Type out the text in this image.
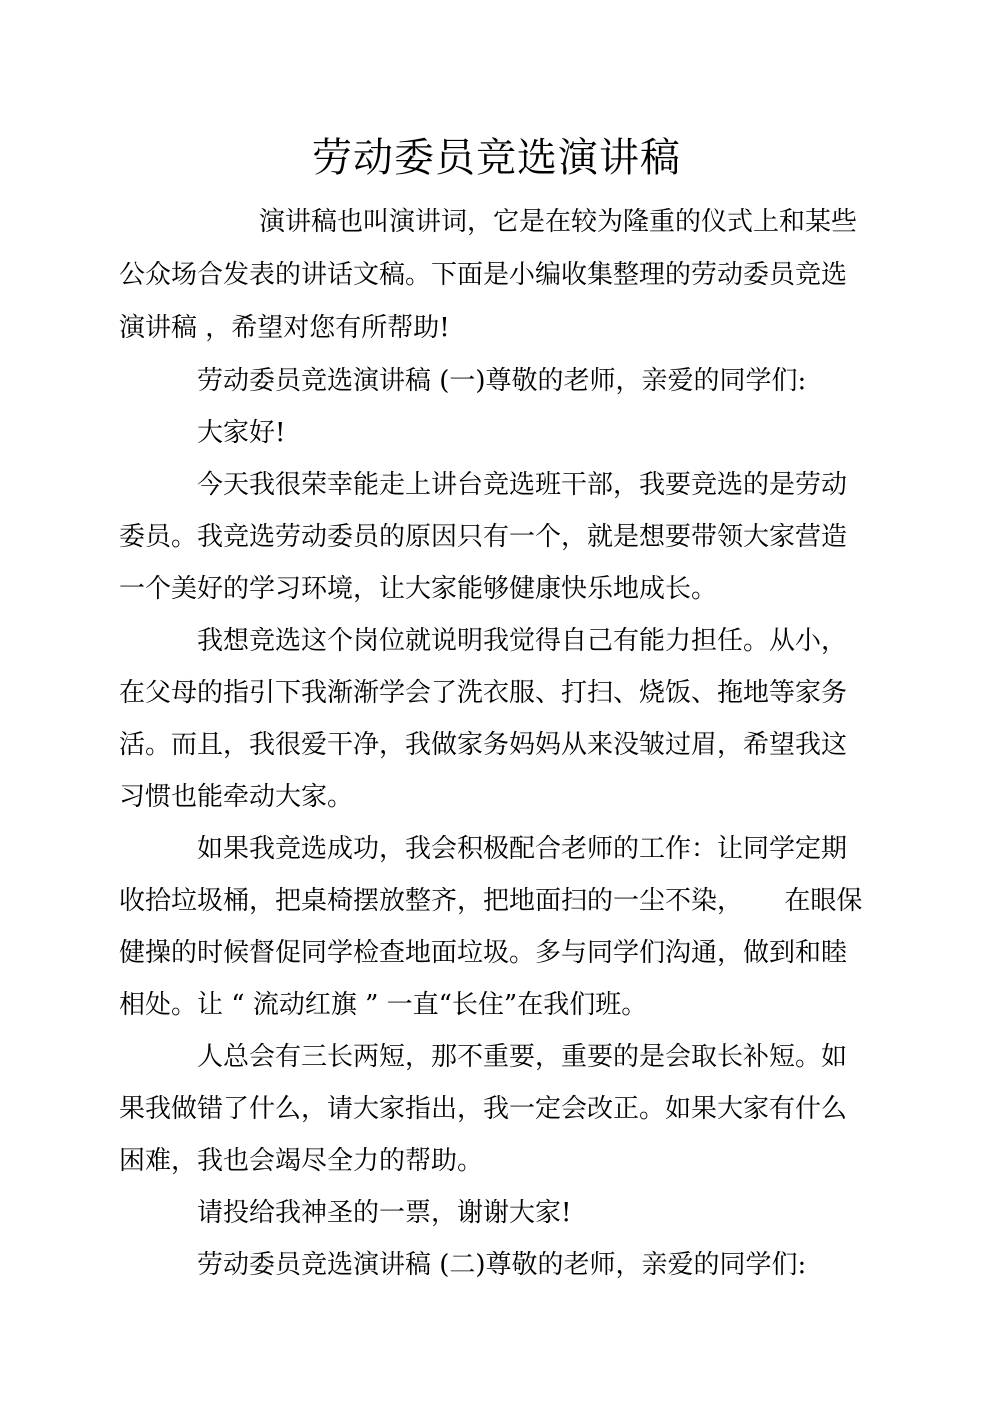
劳动委员竞选演讲稿

演讲稿也叫演讲词，它是在较为隆重的仪式上和某些

公众场合发表的讲话文稿。下面是小编收集整理的劳动委员竞选

演讲稿 ，希望对您有所帮助!

劳动委员竞选演讲稿 (一)尊敬的老师，亲爱的同学们:

大家好!

今天我很荣幸能走上讲台竞选班干部，我要竞选的是劳动

委员。我竞选劳动委员的原因只有一个，就是想要带领大家营造

一个美好的学习环境，让大家能够健康快乐地成长。

我想竞选这个岗位就说明我觉得自己有能力担任。从小，

在父母的指引下我渐渐学会了洗衣服、打扫、烧饭、拖地等家务

活。而且，我很爱干净，我做家务妈妈从来没皱过眉，希望我这

习惯也能牵动大家。

如果我竞选成功，我会积极配合老师的工作：让同学定期

收拾垃圾桶，把桌椅摆放整齐，把地面扫的一尘不染，     在眼保

健操的时候督促同学检查地面垃圾。多与同学们沟通，做到和睦

相处。让 “ 流动红旗 ” 一直“长住”在我们班。

人总会有三长两短，那不重要，重要的是会取长补短。如

果我做错了什么，请大家指出，我一定会改正。如果大家有什么

困难，我也会竭尽全力的帮助。

请投给我神圣的一票，谢谢大家!

劳动委员竞选演讲稿 (二)尊敬的老师，亲爱的同学们:
